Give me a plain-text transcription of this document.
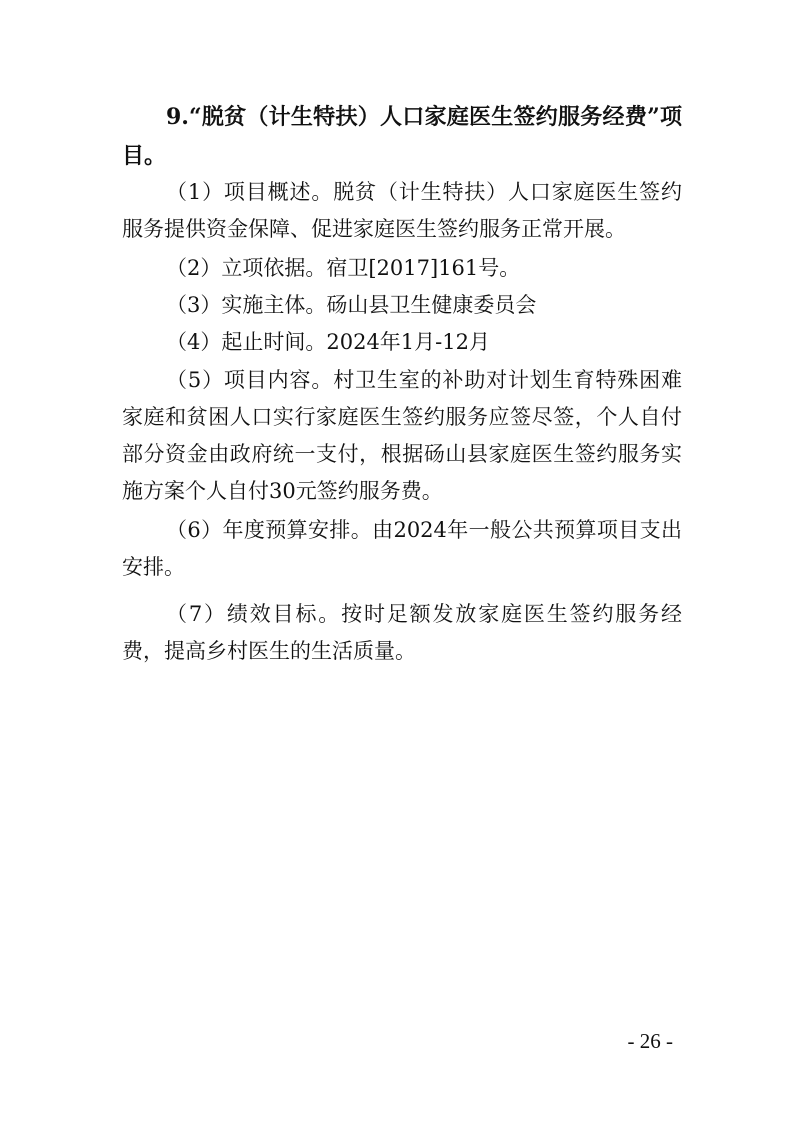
9.“脱贫（计生特扶）人口家庭医生签约服务经费”项目。
（1）项目概述。脱贫（计生特扶）人口家庭医生签约服务提供资金保障、促进家庭医生签约服务正常开展。
（2）立项依据。宿卫[2017]161号。
（3）实施主体。砀山县卫生健康委员会
（4）起止时间。2024年1月-12月
（5）项目内容。村卫生室的补助对计划生育特殊困难家庭和贫困人口实行家庭医生签约服务应签尽签，个人自付部分资金由政府统一支付，根据砀山县家庭医生签约服务实施方案个人自付30元签约服务费。
（6）年度预算安排。由2024年一般公共预算项目支出安排。
（7）绩效目标。按时足额发放家庭医生签约服务经费，提高乡村医生的生活质量。
- 26 -
